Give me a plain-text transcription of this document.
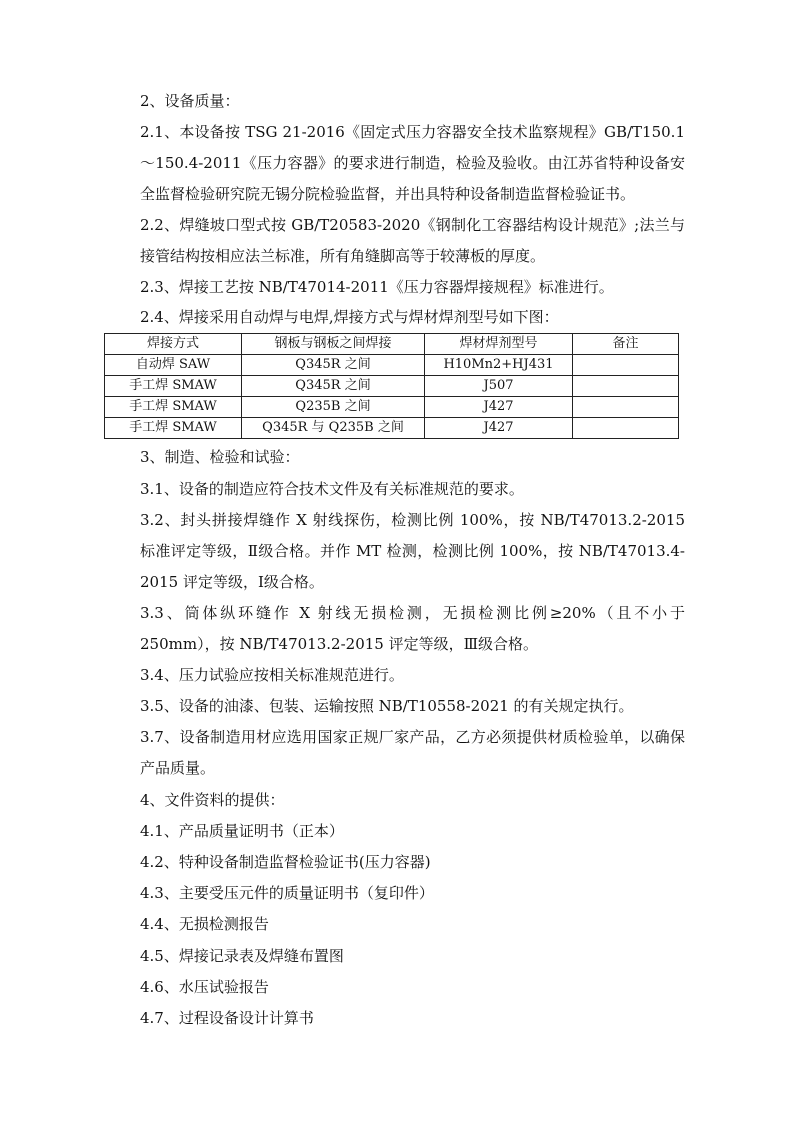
2、设备质量：
2.1、本设备按 TSG 21-2016《固定式压力容器安全技术监察规程》GB/T150.1～150.4-2011《压力容器》的要求进行制造，检验及验收。由江苏省特种设备安全监督检验研究院无锡分院检验监督，并出具特种设备制造监督检验证书。
2.2、焊缝坡口型式按 GB/T20583-2020《钢制化工容器结构设计规范》;法兰与接管结构按相应法兰标准，所有角缝脚高等于较薄板的厚度。
2.3、焊接工艺按 NB/T47014-2011《压力容器焊接规程》标准进行。
2.4、焊接采用自动焊与电焊,焊接方式与焊材焊剂型号如下图：
焊接方式	钢板与钢板之间焊接	焊材焊剂型号	备注
自动焊 SAW	Q345R 之间	H10Mn2+HJ431	
手工焊 SMAW	Q345R 之间	J507	
手工焊 SMAW	Q235B 之间	J427	
手工焊 SMAW	Q345R 与 Q235B 之间	J427	
3、制造、检验和试验：
3.1、设备的制造应符合技术文件及有关标准规范的要求。
3.2、封头拼接焊缝作 X 射线探伤，检测比例 100%，按 NB/T47013.2-2015 标准评定等级，Ⅱ级合格。并作 MT 检测，检测比例 100%，按 NB/T47013.4-2015 评定等级，Ⅰ级合格。
3.3、筒体纵环缝作 X 射线无损检测，无损检测比例≥20%（且不小于 250mm），按 NB/T47013.2-2015 评定等级，Ⅲ级合格。
3.4、压力试验应按相关标准规范进行。
3.5、设备的油漆、包装、运输按照 NB/T10558-2021 的有关规定执行。
3.7、设备制造用材应选用国家正规厂家产品，乙方必须提供材质检验单，以确保产品质量。
4、文件资料的提供：
4.1、产品质量证明书（正本）
4.2、特种设备制造监督检验证书(压力容器)
4.3、主要受压元件的质量证明书（复印件）
4.4、无损检测报告
4.5、焊接记录表及焊缝布置图
4.6、水压试验报告
4.7、过程设备设计计算书
